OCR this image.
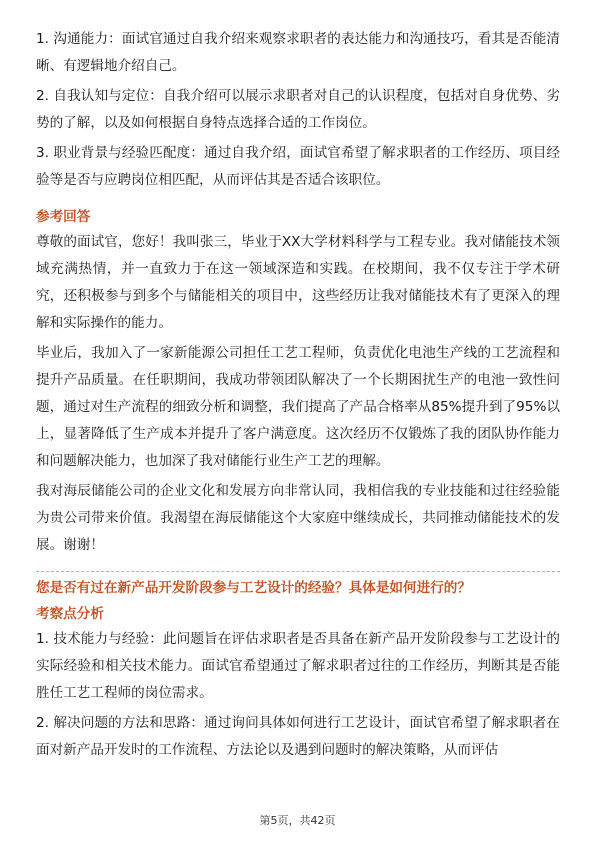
1. 沟通能力：面试官通过自我介绍来观察求职者的表达能力和沟通技巧，看其是否能清晰、有逻辑地介绍自己。

2. 自我认知与定位：自我介绍可以展示求职者对自己的认识程度，包括对自身优势、劣势的了解，以及如何根据自身特点选择合适的工作岗位。

3. 职业背景与经验匹配度：通过自我介绍，面试官希望了解求职者的工作经历、项目经验等是否与应聘岗位相匹配，从而评估其是否适合该职位。

参考回答

尊敬的面试官，您好！我叫张三，毕业于XX大学材料科学与工程专业。我对储能技术领域充满热情，并一直致力于在这一领域深造和实践。在校期间，我不仅专注于学术研究，还积极参与到多个与储能相关的项目中，这些经历让我对储能技术有了更深入的理解和实际操作的能力。

毕业后，我加入了一家新能源公司担任工艺工程师，负责优化电池生产线的工艺流程和提升产品质量。在任职期间，我成功带领团队解决了一个长期困扰生产的电池一致性问题，通过对生产流程的细致分析和调整，我们提高了产品合格率从85%提升到了95%以上，显著降低了生产成本并提升了客户满意度。这次经历不仅锻炼了我的团队协作能力和问题解决能力，也加深了我对储能行业生产工艺的理解。

我对海辰储能公司的企业文化和发展方向非常认同，我相信我的专业技能和过往经验能为贵公司带来价值。我渴望在海辰储能这个大家庭中继续成长，共同推动储能技术的发展。谢谢！

您是否有过在新产品开发阶段参与工艺设计的经验？具体是如何进行的？

考察点分析

1. 技术能力与经验：此问题旨在评估求职者是否具备在新产品开发阶段参与工艺设计的实际经验和相关技术能力。面试官希望通过了解求职者过往的工作经历，判断其是否能胜任工艺工程师的岗位需求。

2. 解决问题的方法和思路：通过询问具体如何进行工艺设计，面试官希望了解求职者在面对新产品开发时的工作流程、方法论以及遇到问题时的解决策略，从而评估

第5页，共42页
